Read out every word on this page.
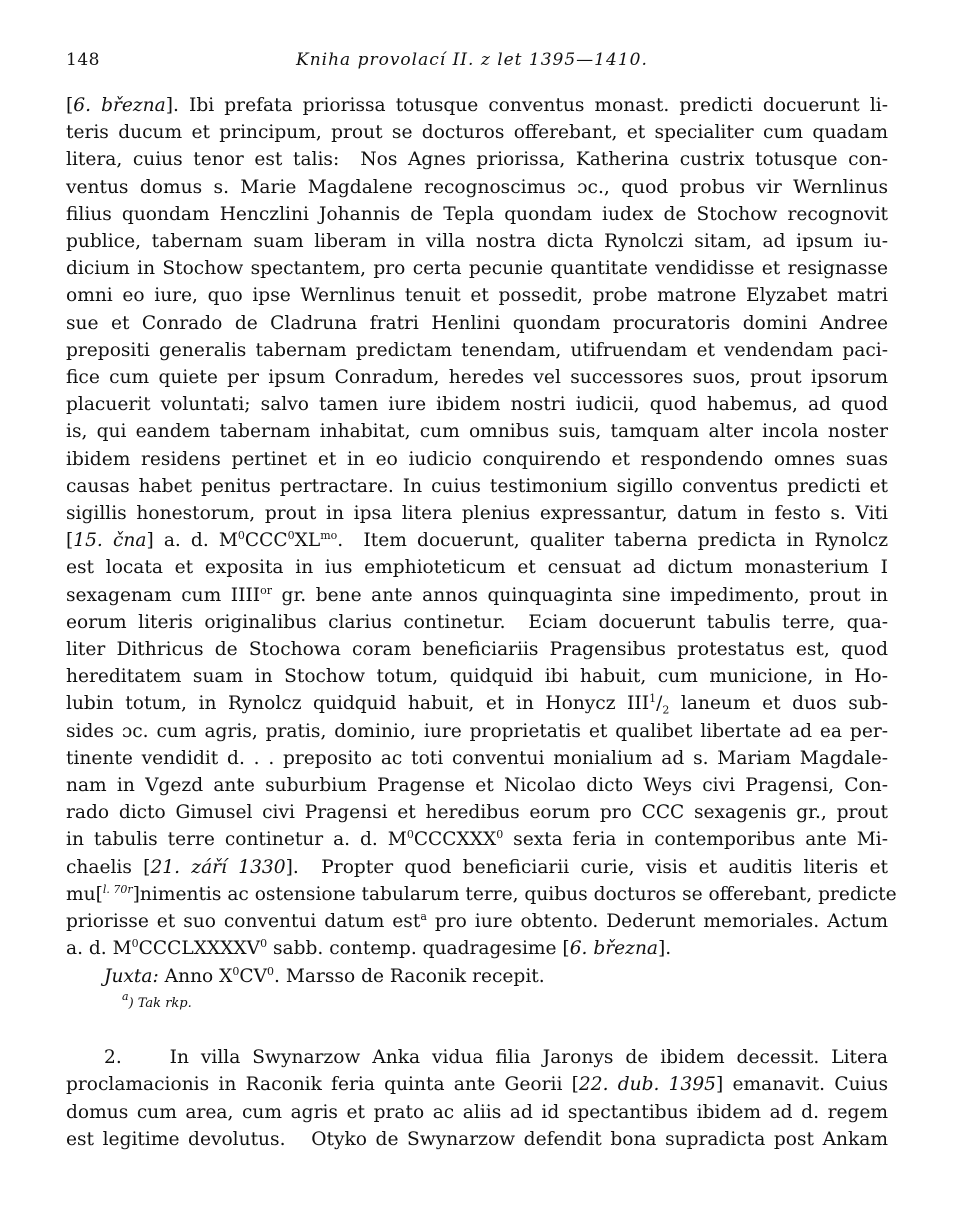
148	Kniha provolací II. z let 1395—1410.
[6. března]. Ibi prefata priorissa totusque conventus monast. predicti docuerunt li-
teris ducum et principum, prout se docturos offerebant, et specialiter cum quadam
litera, cuius tenor est talis:  Nos Agnes priorissa, Katherina custrix totusque con-
ventus domus s. Marie Magdalene recognoscimus ɔc., quod probus vir Wernlinus
filius quondam Henczlini Johannis de Tepla quondam iudex de Stochow recognovit
publice, tabernam suam liberam in villa nostra dicta Rynolczi sitam, ad ipsum iu-
dicium in Stochow spectantem, pro certa pecunie quantitate vendidisse et resignasse
omni eo iure, quo ipse Wernlinus tenuit et possedit, probe matrone Elyzabet matri
sue et Conrado de Cladruna fratri Henlini quondam procuratoris domini Andree
prepositi generalis tabernam predictam tenendam, utifruendam et vendendam paci-
fice cum quiete per ipsum Conradum, heredes vel successores suos, prout ipsorum
placuerit voluntati; salvo tamen iure ibidem nostri iudicii, quod habemus, ad quod
is, qui eandem tabernam inhabitat, cum omnibus suis, tamquam alter incola noster
ibidem residens pertinet et in eo iudicio conquirendo et respondendo omnes suas
causas habet penitus pertractare. In cuius testimonium sigillo conventus predicti et
sigillis honestorum, prout in ipsa litera plenius expressantur, datum in festo s. Viti
[15. čna] a. d. $M^0CCC^0XL^{mo}$.  Item docuerunt, qualiter taberna predicta in Rynolcz
est locata et exposita in ius emphioteticum et censuat ad dictum monasterium I
sexagenam cum $IIII^{or}$ gr. bene ante annos quinquaginta sine impedimento, prout in
eorum literis originalibus clarius continetur.  Eciam docuerunt tabulis terre, qua-
liter Dithricus de Stochowa coram beneficiariis Pragensibus protestatus est, quod
hereditatem suam in Stochow totum, quidquid ibi habuit, cum municione, in Ho-
lubin totum, in Rynolcz quidquid habuit, et in Honycz $III^1/_2$ laneum et duos sub-
sides ɔc. cum agris, pratis, dominio, iure proprietatis et qualibet libertate ad ea per-
tinente vendidit d. . . prepositο ac toti conventui monialium ad s. Mariam Magdale-
nam in Vgezd ante suburbium Pragense et Nicolao dicto Weys civi Pragensi, Con-
rado dicto Gimusel civi Pragensi et heredibus eorum pro CCC sexagenis gr., prout
in tabulis terre continetur a. d. $M^0CCCXXX^0$ sexta feria in contemporibus ante Mi-
chaelis [21. září 1330].  Propter quod beneficiarii curie, visis et auditis literis et
mu[$^{l. 70r}$]nimentis ac ostensione tabularum terre, quibus docturos se offerebant, predicte
priorisse et suo conventui datum est$^a$ pro iure obtento. Dederunt memoriales. Actum
a. d. $M^0CCCLXXXXV^0$ sabb. contemp. quadragesime [6. března].
Juxta: Anno $X^0CV^0$. Marsso de Raconik recepit.
$^a$) Tak rkp.

2.    In villa Swynarzow Anka vidua filia Jaronys de ibidem decessit. Litera
proclamacionis in Raconik feria quinta ante Georii [22. dub. 1395] emanavit. Cuius
domus cum area, cum agris et prato ac aliis ad id spectantibus ibidem ad d. regem
est legitime devolutus.   Otyko de Swynarzow defendit bona supradicta post Ankam
